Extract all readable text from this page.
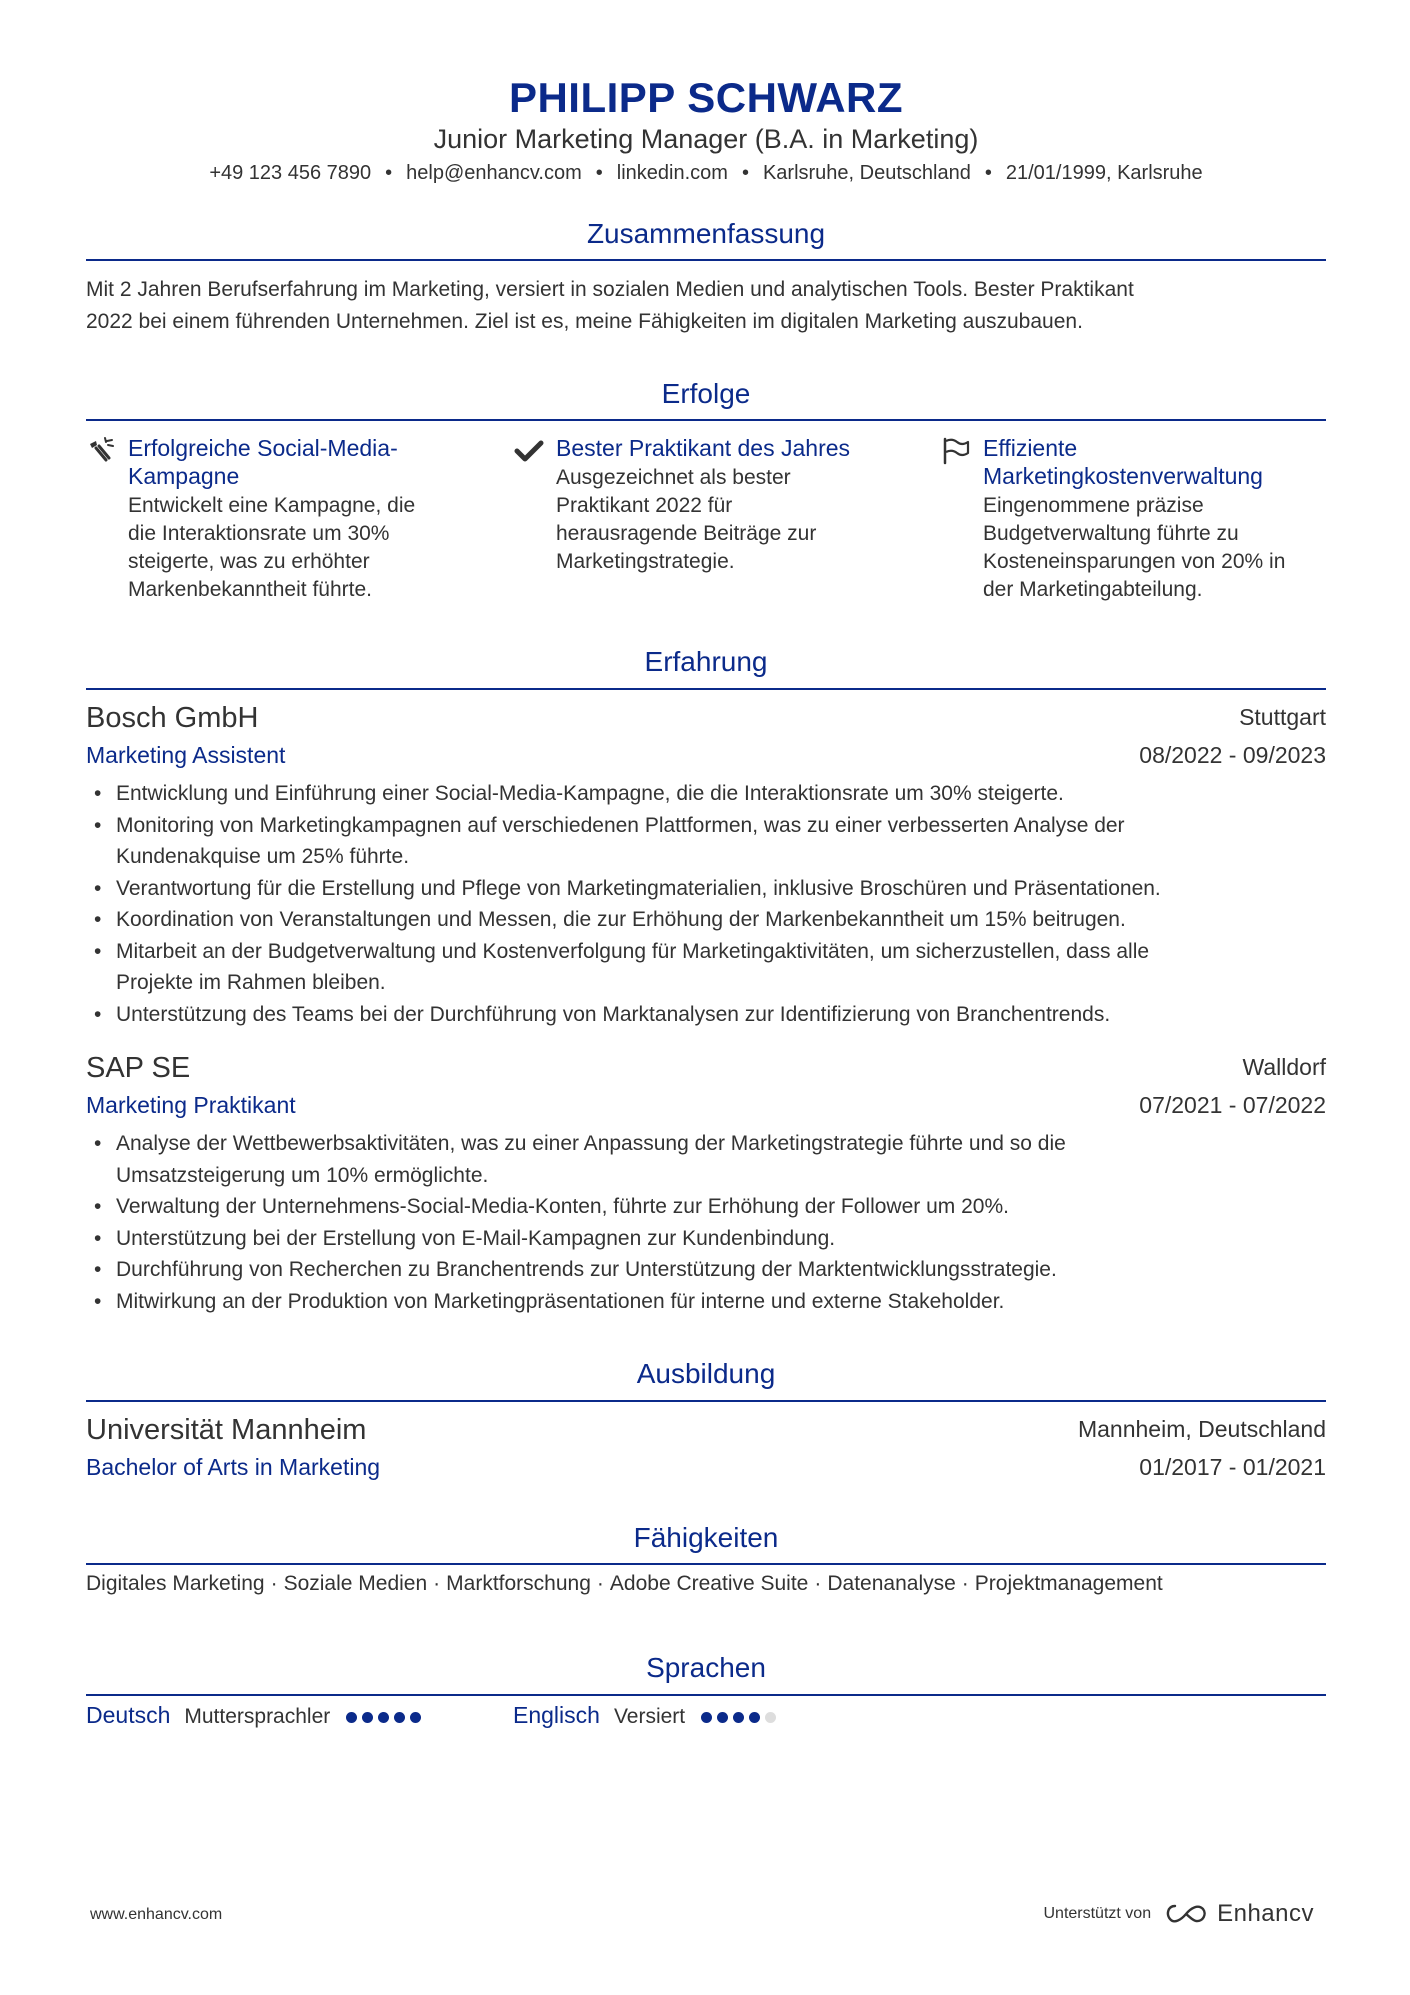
PHILIPP SCHWARZ
Junior Marketing Manager (B.A. in Marketing)
+49 123 456 7890 • help@enhancv.com • linkedin.com • Karlsruhe, Deutschland • 21/01/1999, Karlsruhe
Zusammenfassung
Mit 2 Jahren Berufserfahrung im Marketing, versiert in sozialen Medien und analytischen Tools. Bester Praktikant
2022 bei einem führenden Unternehmen. Ziel ist es, meine Fähigkeiten im digitalen Marketing auszubauen.
Erfolge
Erfolgreiche Social-Media-
Kampagne
Entwickelt eine Kampagne, die
die Interaktionsrate um 30%
steigerte, was zu erhöhter
Markenbekanntheit führte.
Bester Praktikant des Jahres
Ausgezeichnet als bester
Praktikant 2022 für
herausragende Beiträge zur
Marketingstrategie.
Effiziente
Marketingkostenverwaltung
Eingenommene präzise
Budgetverwaltung führte zu
Kosteneinsparungen von 20% in
der Marketingabteilung.
Erfahrung
Bosch GmbH	Stuttgart
Marketing Assistent	08/2022 - 09/2023
• Entwicklung und Einführung einer Social-Media-Kampagne, die die Interaktionsrate um 30% steigerte.
• Monitoring von Marketingkampagnen auf verschiedenen Plattformen, was zu einer verbesserten Analyse der
Kundenakquise um 25% führte.
• Verantwortung für die Erstellung und Pflege von Marketingmaterialien, inklusive Broschüren und Präsentationen.
• Koordination von Veranstaltungen und Messen, die zur Erhöhung der Markenbekanntheit um 15% beitrugen.
• Mitarbeit an der Budgetverwaltung und Kostenverfolgung für Marketingaktivitäten, um sicherzustellen, dass alle
Projekte im Rahmen bleiben.
• Unterstützung des Teams bei der Durchführung von Marktanalysen zur Identifizierung von Branchentrends.
SAP SE	Walldorf
Marketing Praktikant	07/2021 - 07/2022
• Analyse der Wettbewerbsaktivitäten, was zu einer Anpassung der Marketingstrategie führte und so die
Umsatzsteigerung um 10% ermöglichte.
• Verwaltung der Unternehmens-Social-Media-Konten, führte zur Erhöhung der Follower um 20%.
• Unterstützung bei der Erstellung von E-Mail-Kampagnen zur Kundenbindung.
• Durchführung von Recherchen zu Branchentrends zur Unterstützung der Marktentwicklungsstrategie.
• Mitwirkung an der Produktion von Marketingpräsentationen für interne und externe Stakeholder.
Ausbildung
Universität Mannheim	Mannheim, Deutschland
Bachelor of Arts in Marketing	01/2017 - 01/2021
Fähigkeiten
Digitales Marketing · Soziale Medien · Marktforschung · Adobe Creative Suite · Datenanalyse · Projektmanagement
Sprachen
Deutsch Muttersprachler	Englisch Versiert
www.enhancv.com	Unterstützt von	Enhancv
